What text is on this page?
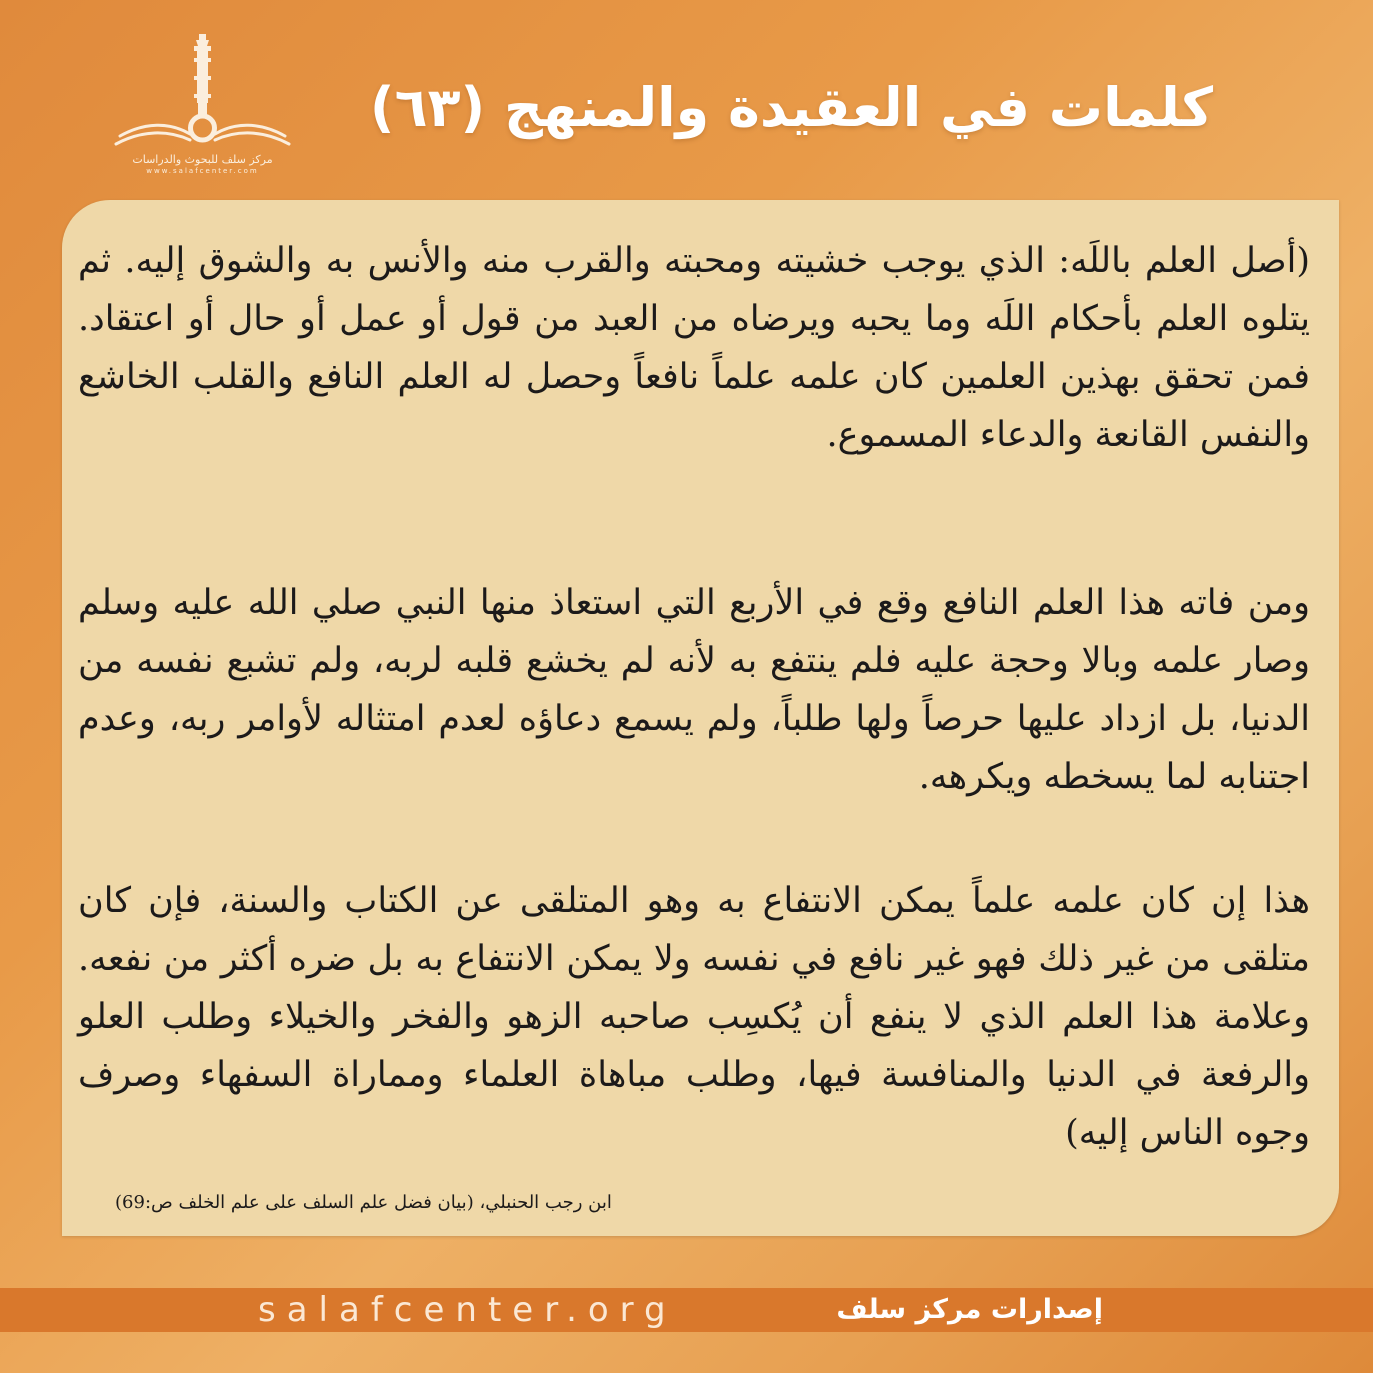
مركز سلف للبحوث والدراسات
www.salafcenter.com
كلمات في العقيدة والمنهج (٦٣)
(أصل العلم باللَه: الذي يوجب خشيته ومحبته والقرب منه والأنس به والشوق إليه. ثم يتلوه العلم بأحكام اللَه وما يحبه ويرضاه من العبد من قول أو عمل أو حال أو اعتقاد. فمن تحقق بهذين العلمين كان علمه علماً نافعاً وحصل له العلم النافع والقلب الخاشع والنفس القانعة والدعاء المسموع.
ومن فاته هذا العلم النافع وقع في الأربع التي استعاذ منها النبي صلي الله عليه وسلم وصار علمه وبالا وحجة عليه فلم ينتفع به لأنه لم يخشع قلبه لربه، ولم تشبع نفسه من الدنيا، بل ازداد عليها حرصاً ولها طلباً، ولم يسمع دعاؤه لعدم امتثاله لأوامر ربه، وعدم اجتنابه لما يسخطه ويكرهه.
هذا إن كان علمه علماً يمكن الانتفاع به وهو المتلقى عن الكتاب والسنة، فإن كان متلقى من غير ذلك فهو غير نافع في نفسه ولا يمكن الانتفاع به بل ضره أكثر من نفعه. وعلامة هذا العلم الذي لا ينفع أن يُكسِب صاحبه الزهو والفخر والخيلاء وطلب العلو والرفعة في الدنيا والمنافسة فيها، وطلب مباهاة العلماء ومماراة السفهاء وصرف وجوه الناس إليه)
ابن رجب الحنبلي، (بيان فضل علم السلف على علم الخلف ص:69)
salafcenter.org	إصدارات مركز سلف
